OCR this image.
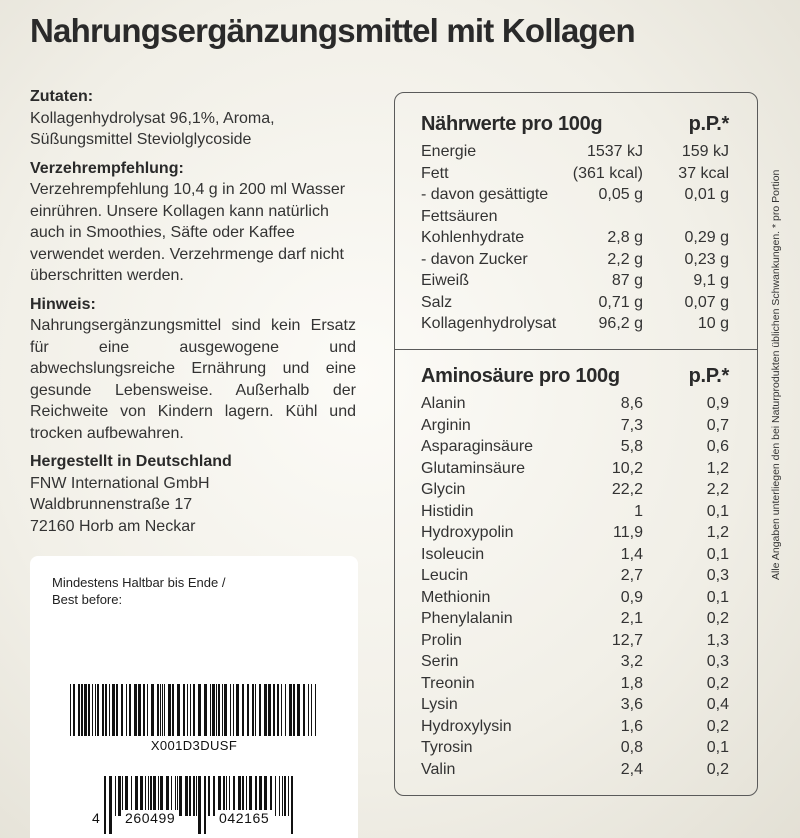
Nahrungsergänzungsmittel mit Kollagen
Zutaten:

Kollagenhydrolysat 96,1%, Aroma, Süßungsmittel Steviolglycoside

Verzehrempfehlung:

Verzehrempfehlung 10,4 g in 200 ml Wasser einrühren. Unsere Kollagen kann natürlich auch in Smoothies, Säfte oder Kaffee verwendet werden. Verzehrmenge darf nicht überschritten werden.

Hinweis:

Nahrungsergänzungsmittel sind kein Ersatz für eine ausgewogene und abwechslungsreiche Ernährung und eine gesunde Lebensweise. Außerhalb der Reichweite von Kindern lagern. Kühl und trocken aufbewahren.

Hergestellt in Deutschland

FNW International GmbH

Waldbrunnenstraße 17

72160 Horb am Neckar

Mindestens Haltbar bis Ende /
Best before:
X001D3DUSF
4 260499	042165
Nährwerte pro 100g	p.P.*
Energie	1537 kJ 159 kJ
Fett	(361 kcal) 37 kcal
- davon gesättigte	0,05 g	0,01 g
Fettsäuren
Kohlenhydrate	2,8 g	0,29 g
- davon Zucker	2,2 g	0,23 g
Eiweiß	87 g	9,1 g
Salz	0,71 g	0,07 g
Kollagenhydrolysat	96,2 g	10 g
Aminosäure pro 100g	p.P.*
Alanin	8,6	0,9
Arginin	7,3	0,7
Asparaginsäure	5,8	0,6
Glutaminsäure	10,2	1,2
Glycin	22,2	2,2
Histidin	1	0,1
Hydroxypolin	11,9	1,2
Isoleucin	1,4	0,1
Leucin	2,7	0,3
Methionin	0,9	0,1
Phenylalanin	2,1	0,2
Prolin	12,7	1,3
Serin	3,2	0,3
Treonin	1,8	0,2
Lysin	3,6	0,4
Hydroxylysin	1,6	0,2
Tyrosin	0,8	0,1
Valin	2,4	0,2
Alle Angaben unterliegen den bei Naturprodukten üblichen Schwankungen. * pro Portion
